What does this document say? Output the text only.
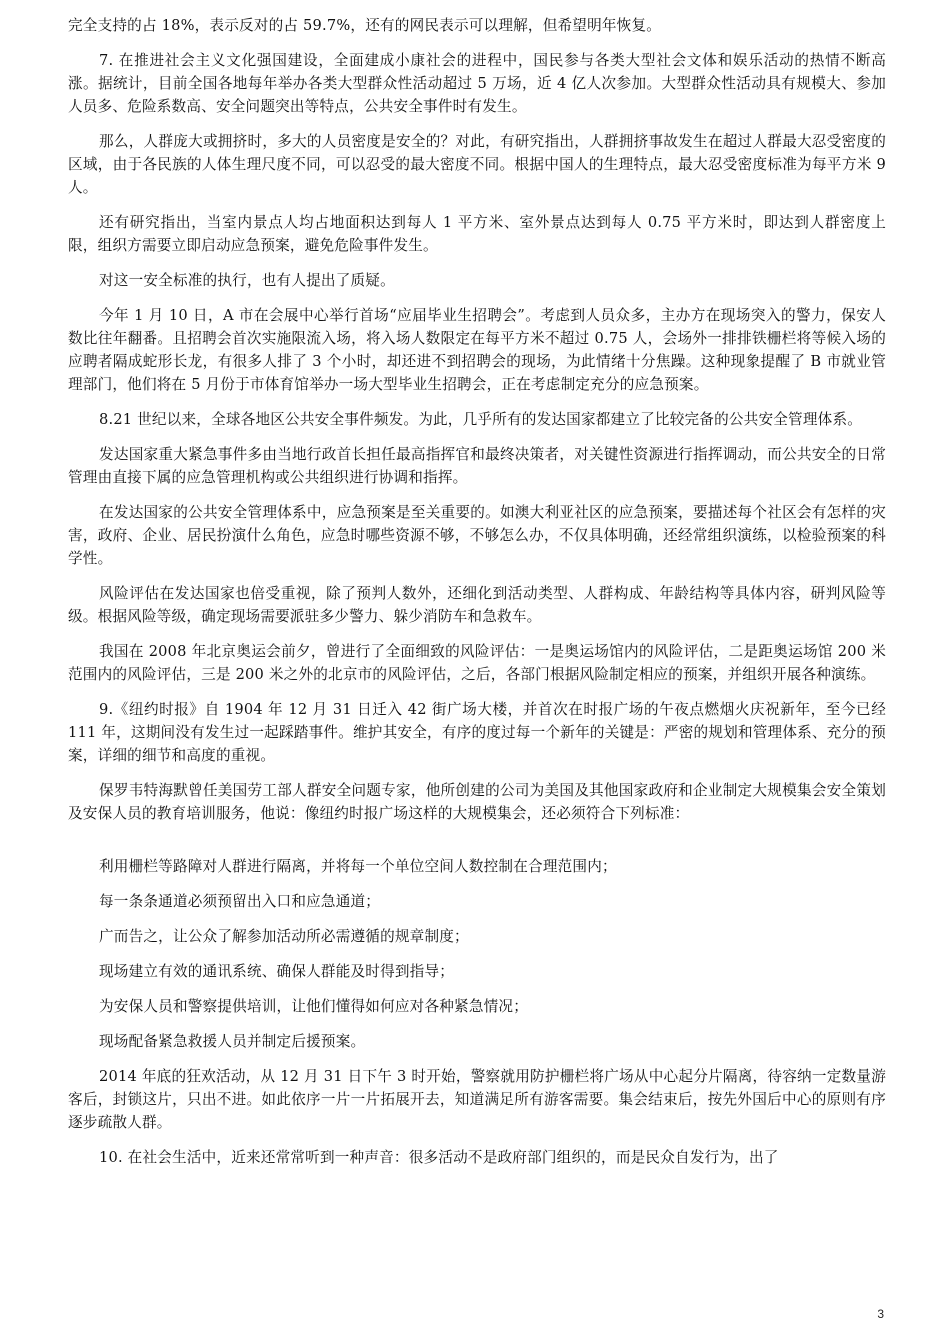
完全支持的占 18%，表示反对的占 59.7%，还有的网民表示可以理解，但希望明年恢复。

7. 在推进社会主义文化强国建设，全面建成小康社会的进程中，国民参与各类大型社会文体和娱乐活动的热情不断高涨。据统计，目前全国各地每年举办各类大型群众性活动超过 5 万场，近 4 亿人次参加。大型群众性活动具有规模大、参加人员多、危险系数高、安全问题突出等特点，公共安全事件时有发生。

那么，人群庞大或拥挤时，多大的人员密度是安全的？对此，有研究指出，人群拥挤事故发生在超过人群最大忍受密度的区域，由于各民族的人体生理尺度不同，可以忍受的最大密度不同。根据中国人的生理特点，最大忍受密度标准为每平方米 9 人。

还有研究指出，当室内景点人均占地面积达到每人 1 平方米、室外景点达到每人 0.75 平方米时，即达到人群密度上限，组织方需要立即启动应急预案，避免危险事件发生。

对这一安全标准的执行，也有人提出了质疑。

今年 1 月 10 日，A 市在会展中心举行首场“应届毕业生招聘会”。考虑到人员众多，主办方在现场突入的警力，保安人数比往年翻番。且招聘会首次实施限流入场，将入场人数限定在每平方米不超过 0.75 人，会场外一排排铁栅栏将等候入场的应聘者隔成蛇形长龙，有很多人排了 3 个小时，却还进不到招聘会的现场，为此情绪十分焦躁。这种现象提醒了 B 市就业管理部门，他们将在 5 月份于市体育馆举办一场大型毕业生招聘会，正在考虑制定充分的应急预案。

8.21 世纪以来，全球各地区公共安全事件频发。为此，几乎所有的发达国家都建立了比较完备的公共安全管理体系。

发达国家重大紧急事件多由当地行政首长担任最高指挥官和最终决策者，对关键性资源进行指挥调动，而公共安全的日常管理由直接下属的应急管理机构或公共组织进行协调和指挥。

在发达国家的公共安全管理体系中，应急预案是至关重要的。如澳大利亚社区的应急预案，要描述每个社区会有怎样的灾害，政府、企业、居民扮演什么角色，应急时哪些资源不够，不够怎么办，不仅具体明确，还经常组织演练，以检验预案的科学性。

风险评估在发达国家也倍受重视，除了预判人数外，还细化到活动类型、人群构成、年龄结构等具体内容，研判风险等级。根据风险等级，确定现场需要派驻多少警力、躲少消防车和急救车。

我国在 2008 年北京奥运会前夕，曾进行了全面细致的风险评估：一是奥运场馆内的风险评估，二是距奥运场馆 200 米范围内的风险评估，三是 200 米之外的北京市的风险评估，之后，各部门根据风险制定相应的预案，并组织开展各种演练。

9.《纽约时报》自 1904 年 12 月 31 日迁入 42 街广场大楼，并首次在时报广场的午夜点燃烟火庆祝新年，至今已经 111 年，这期间没有发生过一起踩踏事件。维护其安全，有序的度过每一个新年的关键是：严密的规划和管理体系、充分的预案，详细的细节和高度的重视。

保罗韦特海默曾任美国劳工部人群安全问题专家，他所创建的公司为美国及其他国家政府和企业制定大规模集会安全策划及安保人员的教育培训服务，他说：像纽约时报广场这样的大规模集会，还必须符合下列标准：

利用栅栏等路障对人群进行隔离，并将每一个单位空间人数控制在合理范围内；
每一条条通道必须预留出入口和应急通道；
广而告之，让公众了解参加活动所必需遵循的规章制度；
现场建立有效的通讯系统、确保人群能及时得到指导；
为安保人员和警察提供培训，让他们懂得如何应对各种紧急情况；
现场配备紧急救援人员并制定后援预案。

2014 年底的狂欢活动，从 12 月 31 日下午 3 时开始，警察就用防护栅栏将广场从中心起分片隔离，待容纳一定数量游客后，封锁这片，只出不进。如此依序一片一片拓展开去，知道满足所有游客需要。集会结束后，按先外国后中心的原则有序逐步疏散人群。

10. 在社会生活中，近来还常常听到一种声音：很多活动不是政府部门组织的，而是民众自发行为，出了

3
